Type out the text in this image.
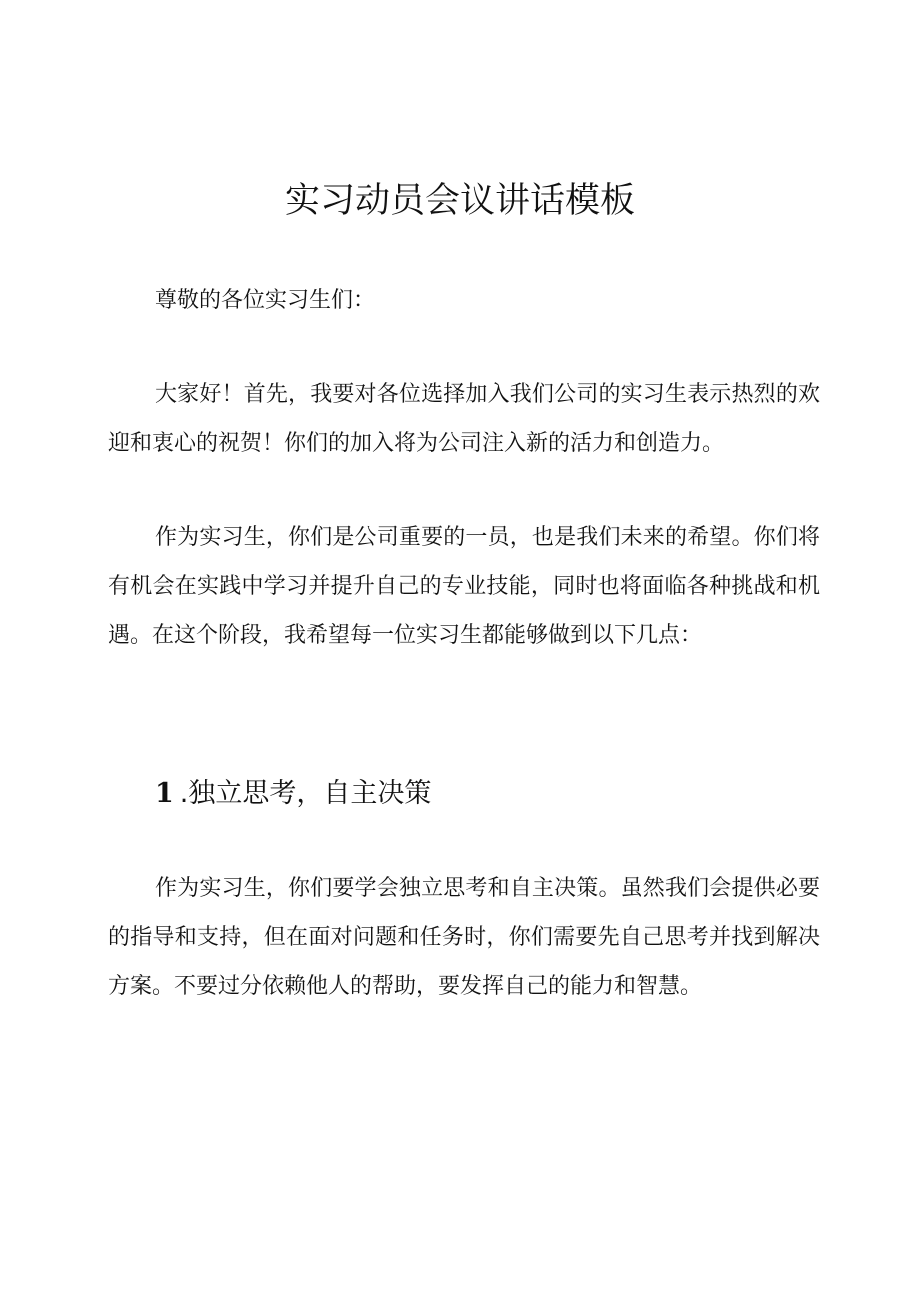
实习动员会议讲话模板

尊敬的各位实习生们：

大家好！首先，我要对各位选择加入我们公司的实习生表示热烈的欢迎和衷心的祝贺！你们的加入将为公司注入新的活力和创造力。

作为实习生，你们是公司重要的一员，也是我们未来的希望。你们将有机会在实践中学习并提升自己的专业技能，同时也将面临各种挑战和机遇。在这个阶段，我希望每一位实习生都能够做到以下几点：

1 .独立思考，自主决策

作为实习生，你们要学会独立思考和自主决策。虽然我们会提供必要的指导和支持，但在面对问题和任务时，你们需要先自己思考并找到解决方案。不要过分依赖他人的帮助，要发挥自己的能力和智慧。
